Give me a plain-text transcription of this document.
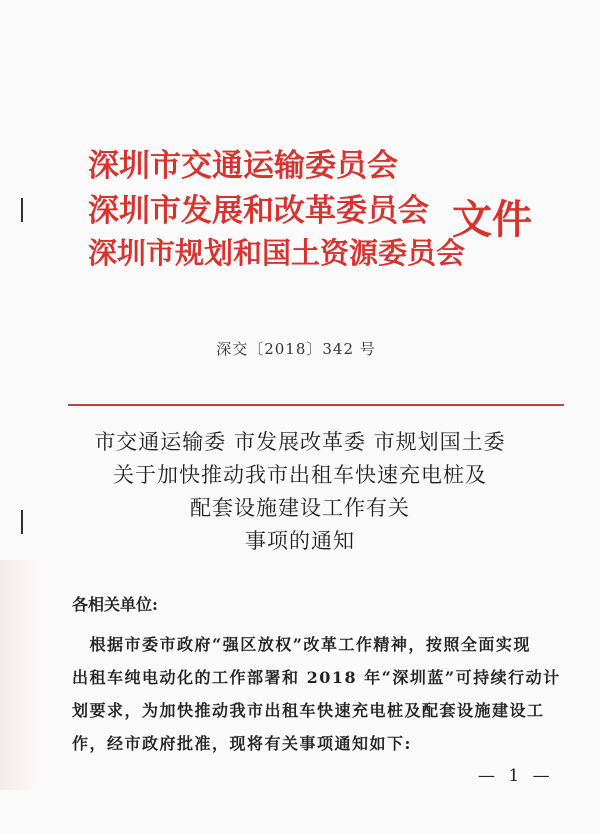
深圳市交通运输委员会
深圳市发展和改革委员会
深圳市规划和国土资源委员会
文件
深交〔2018〕342 号
市交通运输委 市发展改革委 市规划国土委
关于加快推动我市出租车快速充电桩及
配套设施建设工作有关
事项的通知
各相关单位:
　根据市委市政府“强区放权”改革工作精神，按照全面实现
出租车纯电动化的工作部署和 2018 年“深圳蓝”可持续行动计
划要求，为加快推动我市出租车快速充电桩及配套设施建设工
作，经市政府批准，现将有关事项通知如下:
— 1 —
